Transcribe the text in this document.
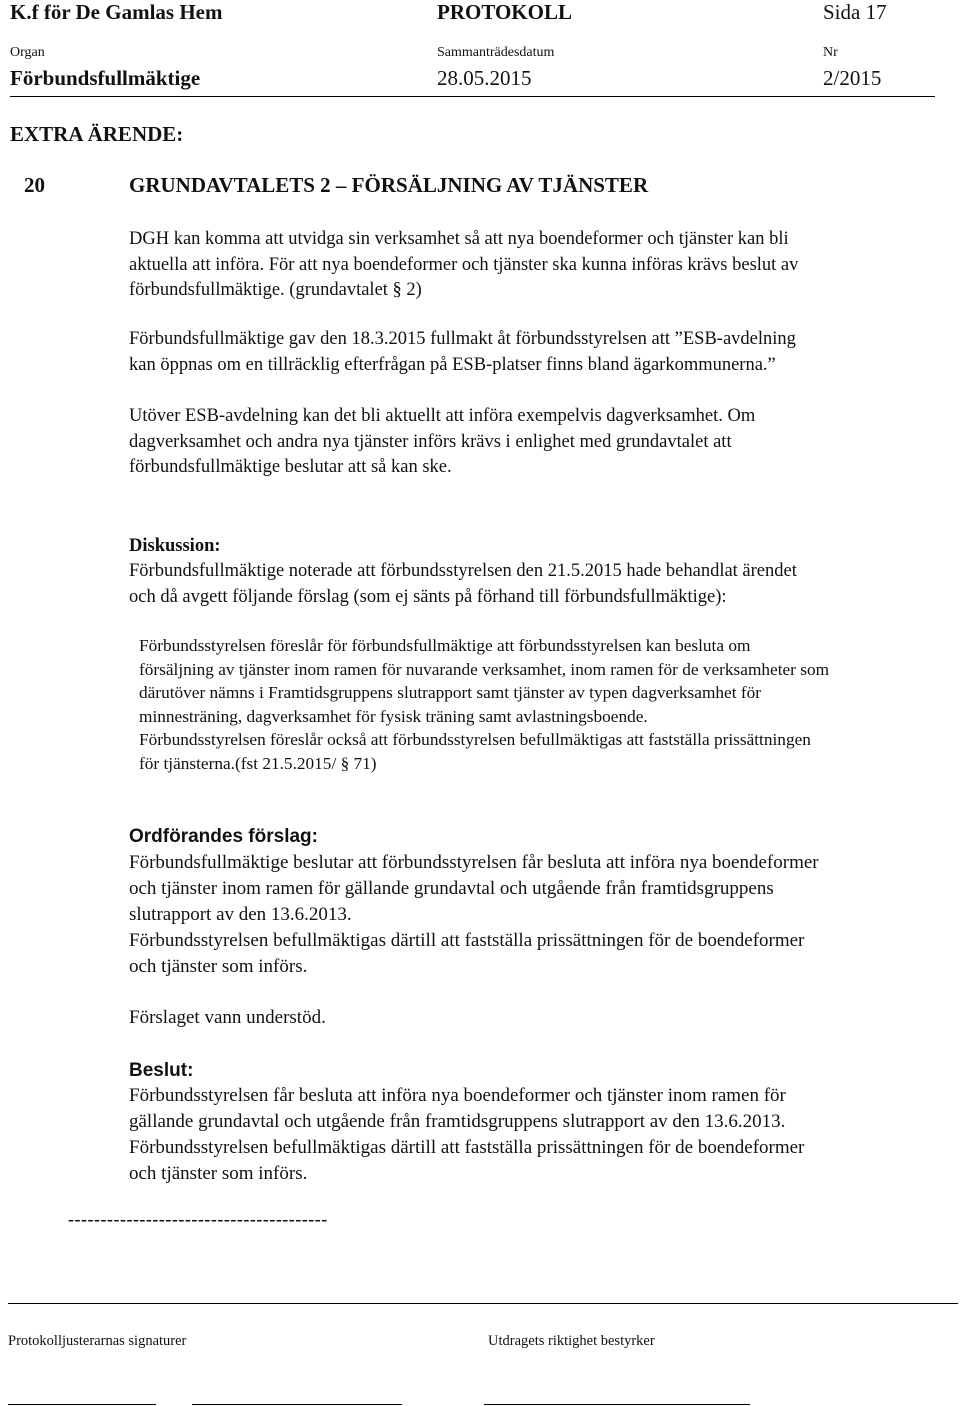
K.f för De Gamlas Hem	PROTOKOLL	Sida 17
Organ	Sammanträdesdatum	Nr
Förbundsfullmäktige	28.05.2015	2/2015
EXTRA ÄRENDE:
20	GRUNDAVTALETS 2 – FÖRSÄLJNING AV TJÄNSTER
DGH kan komma att utvidga sin verksamhet så att nya boendeformer och tjänster kan bli
aktuella att införa. För att nya boendeformer och tjänster ska kunna införas krävs beslut av
förbundsfullmäktige. (grundavtalet § 2)
Förbundsfullmäktige gav den 18.3.2015 fullmakt åt förbundsstyrelsen att ”ESB-avdelning
kan öppnas om en tillräcklig efterfrågan på ESB-platser finns bland ägarkommunerna.”
Utöver ESB-avdelning kan det bli aktuellt att införa exempelvis dagverksamhet. Om
dagverksamhet och andra nya tjänster införs krävs i enlighet med grundavtalet att
förbundsfullmäktige beslutar att så kan ske.
Diskussion:
Förbundsfullmäktige noterade att förbundsstyrelsen den 21.5.2015 hade behandlat ärendet
och då avgett följande förslag (som ej sänts på förhand till förbundsfullmäktige):
Förbundsstyrelsen föreslår för förbundsfullmäktige att förbundsstyrelsen kan besluta om
försäljning av tjänster inom ramen för nuvarande verksamhet, inom ramen för de verksamheter som
därutöver nämns i Framtidsgruppens slutrapport samt tjänster av typen dagverksamhet för
minnesträning, dagverksamhet för fysisk träning samt avlastningsboende.
Förbundsstyrelsen föreslår också att förbundsstyrelsen befullmäktigas att fastställa prissättningen
för tjänsterna.(fst 21.5.2015/ § 71)
Ordförandes förslag:
Förbundsfullmäktige beslutar att förbundsstyrelsen får besluta att införa nya boendeformer
och tjänster inom ramen för gällande grundavtal och utgående från framtidsgruppens
slutrapport av den 13.6.2013.
Förbundsstyrelsen befullmäktigas därtill att fastställa prissättningen för de boendeformer
och tjänster som införs.
Förslaget vann understöd.
Beslut:
Förbundsstyrelsen får besluta att införa nya boendeformer och tjänster inom ramen för
gällande grundavtal och utgående från framtidsgruppens slutrapport av den 13.6.2013.
Förbundsstyrelsen befullmäktigas därtill att fastställa prissättningen för de boendeformer
och tjänster som införs.
----------------------------------------
Protokolljusterarnas signaturer	Utdragets riktighet bestyrker
